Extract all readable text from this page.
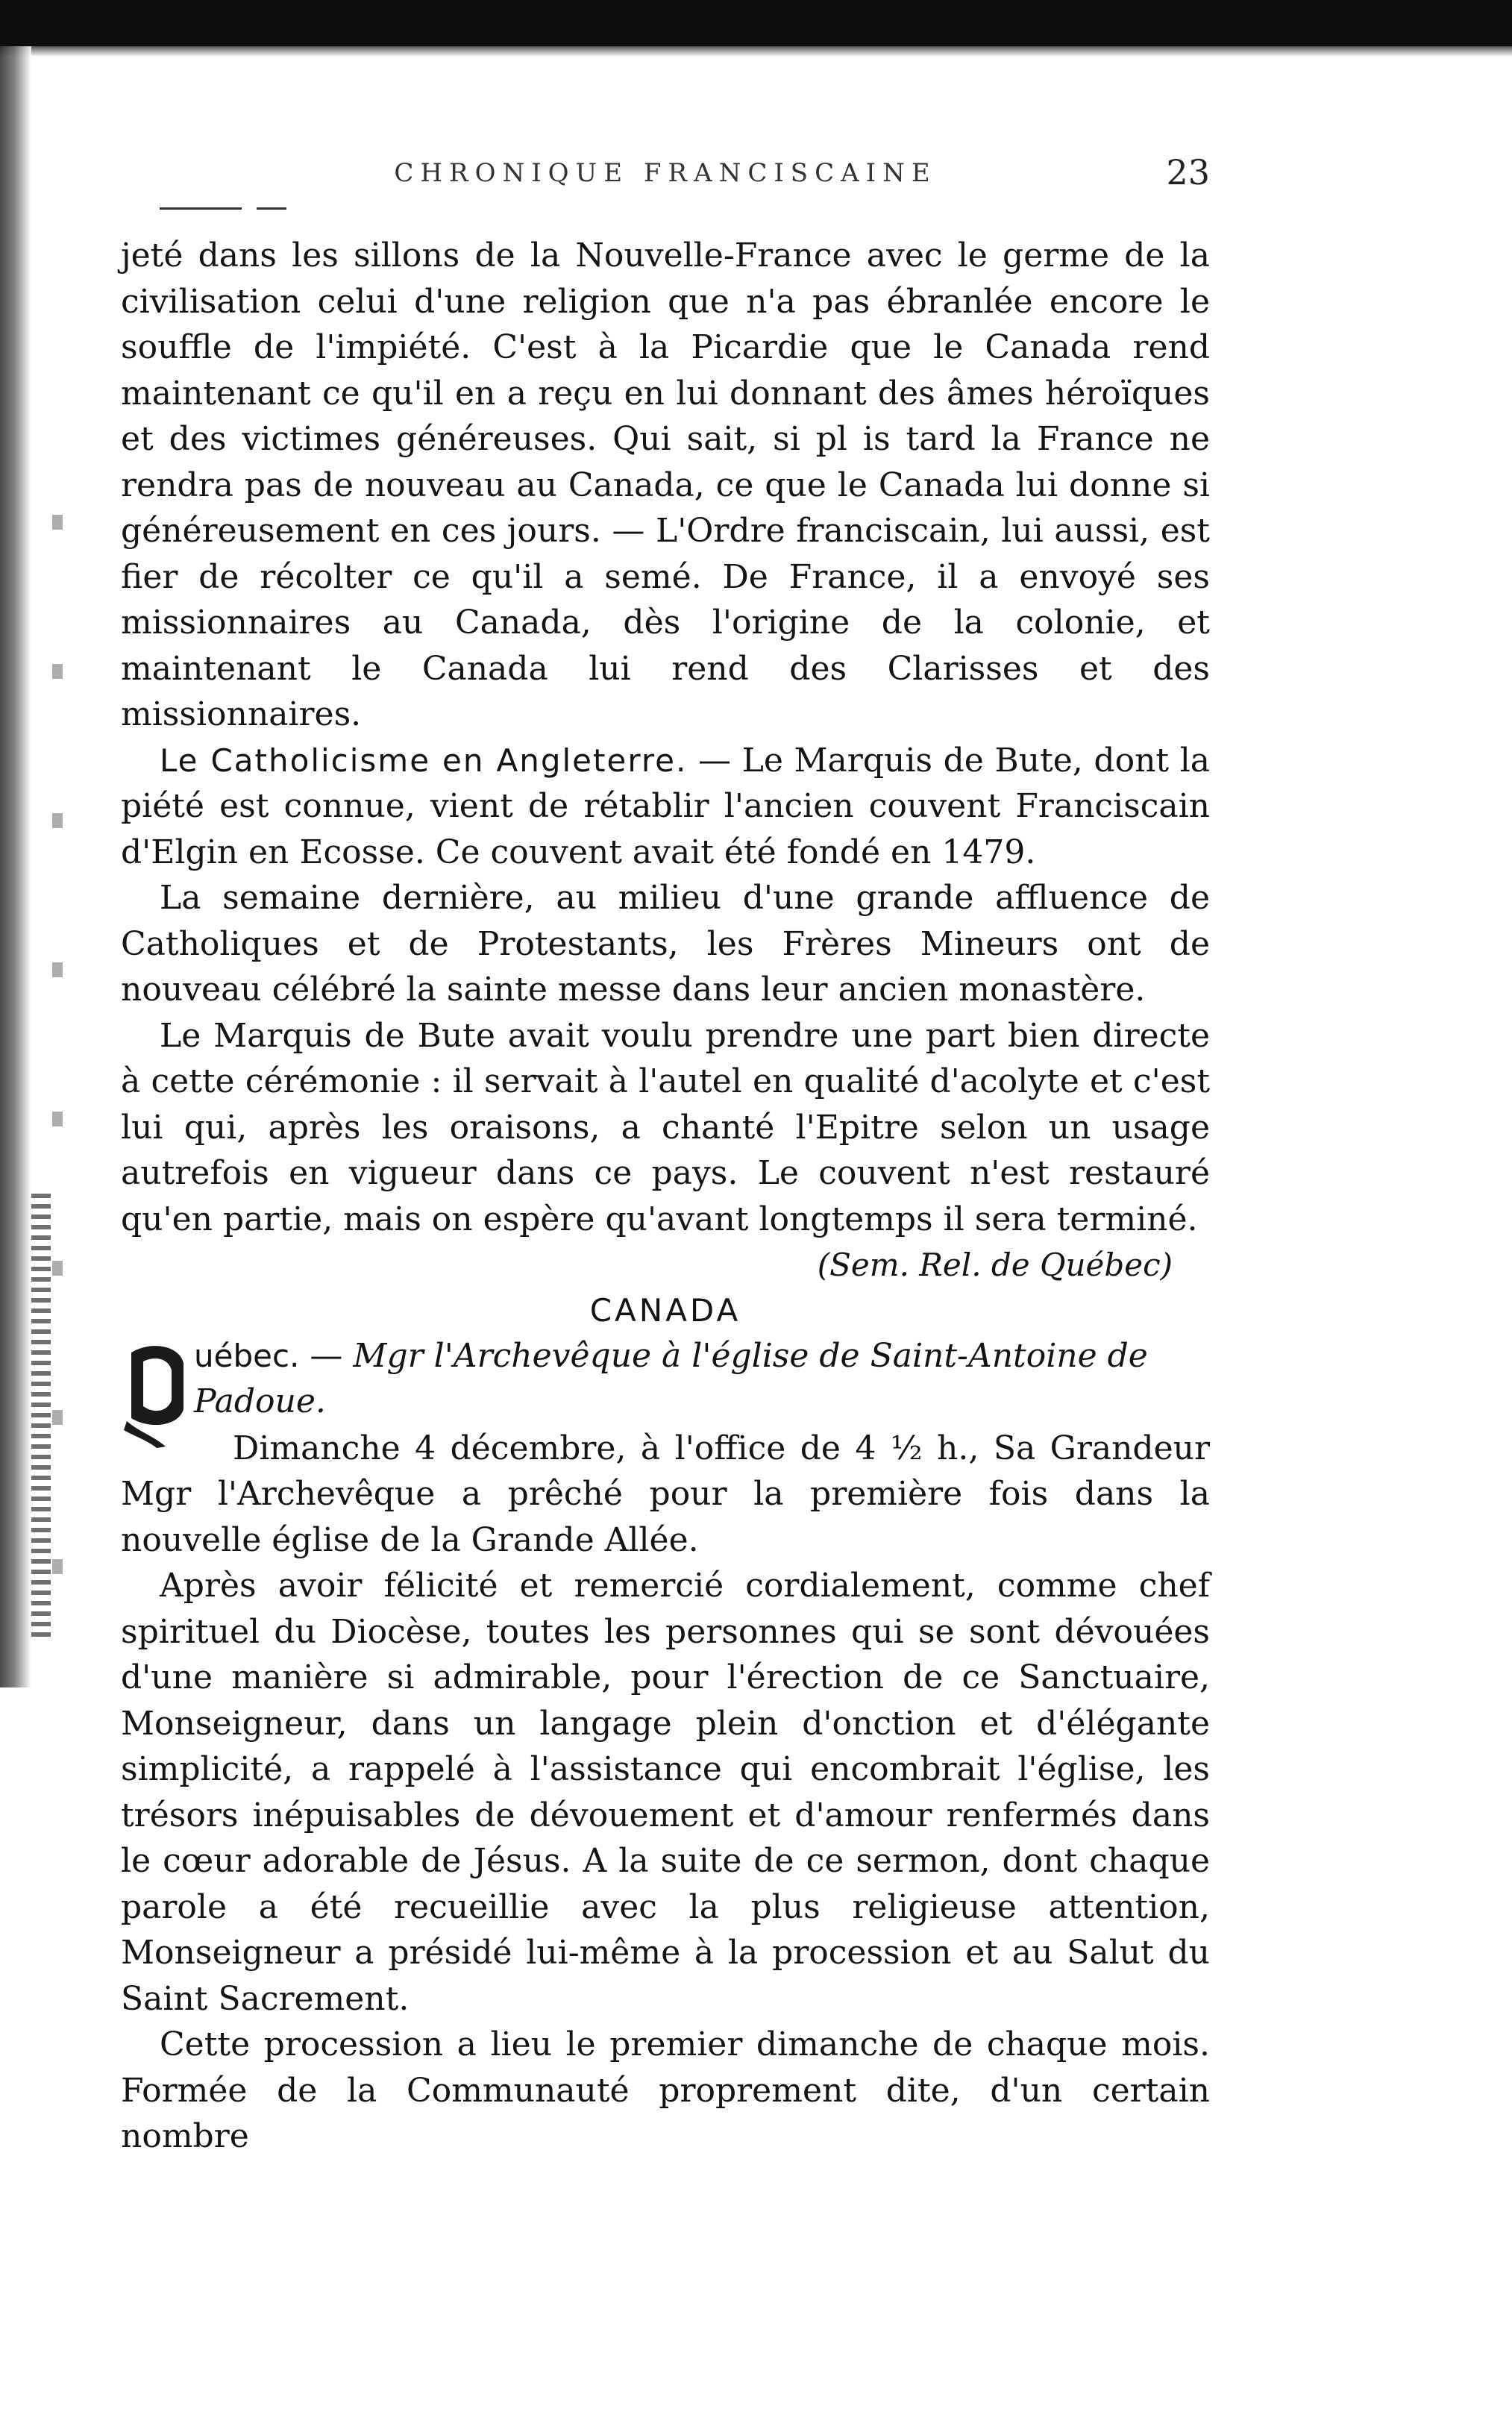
CHRONIQUE FRANCISCAINE	23

jeté dans les sillons de la Nouvelle-France avec le germe de la civilisation celui d'une religion que n'a pas ébranlée encore le souffle de l'impiété. C'est à la Picardie que le Canada rend maintenant ce qu'il en a reçu en lui donnant des âmes héroïques et des victimes généreuses. Qui sait, si pl is tard la France ne rendra pas de nouveau au Canada, ce que le Canada lui donne si généreusement en ces jours. — L'Ordre franciscain, lui aussi, est fier de récolter ce qu'il a semé. De France, il a envoyé ses missionnaires au Canada, dès l'origine de la colonie, et maintenant le Canada lui rend des Clarisses et des missionnaires.

Le Catholicisme en Angleterre. — Le Marquis de Bute, dont la piété est connue, vient de rétablir l'ancien couvent Franciscain d'Elgin en Ecosse. Ce couvent avait été fondé en 1479.

La semaine dernière, au milieu d'une grande affluence de Catholiques et de Protestants, les Frères Mineurs ont de nouveau célébré la sainte messe dans leur ancien monastère.

Le Marquis de Bute avait voulu prendre une part bien directe à cette cérémonie : il servait à l'autel en qualité d'acolyte et c'est lui qui, après les oraisons, a chanté l'Epitre selon un usage autrefois en vigueur dans ce pays. Le couvent n'est restauré qu'en partie, mais on espère qu'avant longtemps il sera terminé.

(Sem. Rel. de Québec)

CANADA

Q
uébec. — Mgr l'Archevêque à l'église de Saint-Antoine de
Padoue.

Dimanche 4 décembre, à l'office de 4 ½ h., Sa Grandeur Mgr l'Archevêque a prêché pour la première fois dans la nouvelle église de la Grande Allée.

Après avoir félicité et remercié cordialement, comme chef spirituel du Diocèse, toutes les personnes qui se sont dévouées d'une manière si admirable, pour l'érection de ce Sanctuaire, Monseigneur, dans un langage plein d'onction et d'élégante simplicité, a rappelé à l'assistance qui encombrait l'église, les trésors inépuisables de dévouement et d'amour renfermés dans le cœur adorable de Jésus. A la suite de ce sermon, dont chaque parole a été recueillie avec la plus religieuse attention, Monseigneur a présidé lui-même à la procession et au Salut du Saint Sacrement.

Cette procession a lieu le premier dimanche de chaque mois. Formée de la Communauté proprement dite, d'un certain nombre
